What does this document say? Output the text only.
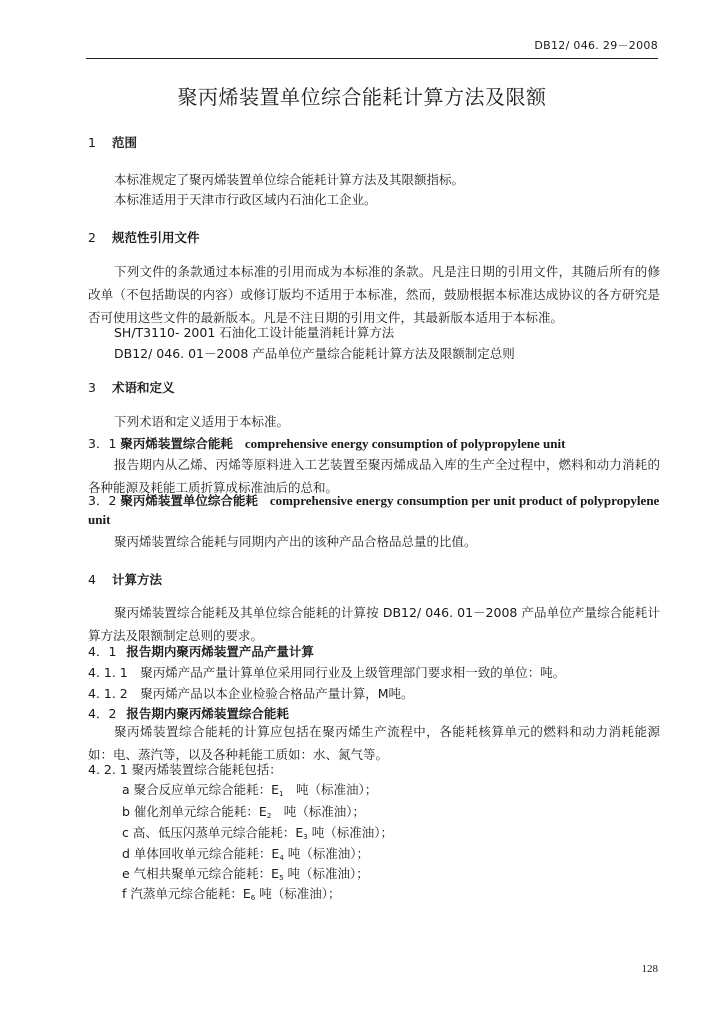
DB12/ 046. 29－2008
聚丙烯装置单位综合能耗计算方法及限额
1 范围
本标准规定了聚丙烯装置单位综合能耗计算方法及其限额指标。
本标准适用于天津市行政区域内石油化工企业。
2 规范性引用文件
下列文件的条款通过本标准的引用而成为本标准的条款。凡是注日期的引用文件，其随后所有的修改单（不包括勘误的内容）或修订版均不适用于本标准，然而，鼓励根据本标准达成协议的各方研究是否可使用这些文件的最新版本。凡是不注日期的引用文件，其最新版本适用于本标准。
SH/T3110- 2001 石油化工设计能量消耗计算方法
DB12/ 046. 01－2008 产品单位产量综合能耗计算方法及限额制定总则
3 术语和定义
下列术语和定义适用于本标准。
3．1 聚丙烯装置综合能耗 comprehensive energy consumption of polypropylene unit
报告期内从乙烯、丙烯等原料进入工艺装置至聚丙烯成品入库的生产全过程中，燃料和动力消耗的各种能源及耗能工质折算成标准油后的总和。
3．2 聚丙烯装置单位综合能耗 comprehensive energy consumption per unit product of polypropylene
unit
聚丙烯装置综合能耗与同期内产出的该种产品合格品总量的比值。
4 计算方法
聚丙烯装置综合能耗及其单位综合能耗的计算按 DB12/ 046. 01－2008 产品单位产量综合能耗计算方法及限额制定总则的要求。
4．1 报告期内聚丙烯装置产品产量计算
4. 1. 1　聚丙烯产品产量计算单位采用同行业及上级管理部门要求相一致的单位：吨。
4. 1. 2　聚丙烯产品以本企业检验合格品产量计算，M吨。
4．2 报告期内聚丙烯装置综合能耗
聚丙烯装置综合能耗的计算应包括在聚丙烯生产流程中，各能耗核算单元的燃料和动力消耗能源如：电、蒸汽等，以及各种耗能工质如：水、氮气等。
4. 2. 1 聚丙烯装置综合能耗包括：
a 聚合反应单元综合能耗：$E_1$　吨（标准油）；
b 催化剂单元综合能耗：$E_2$　吨（标准油）；
c 高、低压闪蒸单元综合能耗：$E_3$ 吨（标准油）；
d 单体回收单元综合能耗：$E_4$ 吨（标准油）；
e 气相共聚单元综合能耗：$E_5$ 吨（标准油）；
f 汽蒸单元综合能耗：$E_6$ 吨（标准油）；
128
